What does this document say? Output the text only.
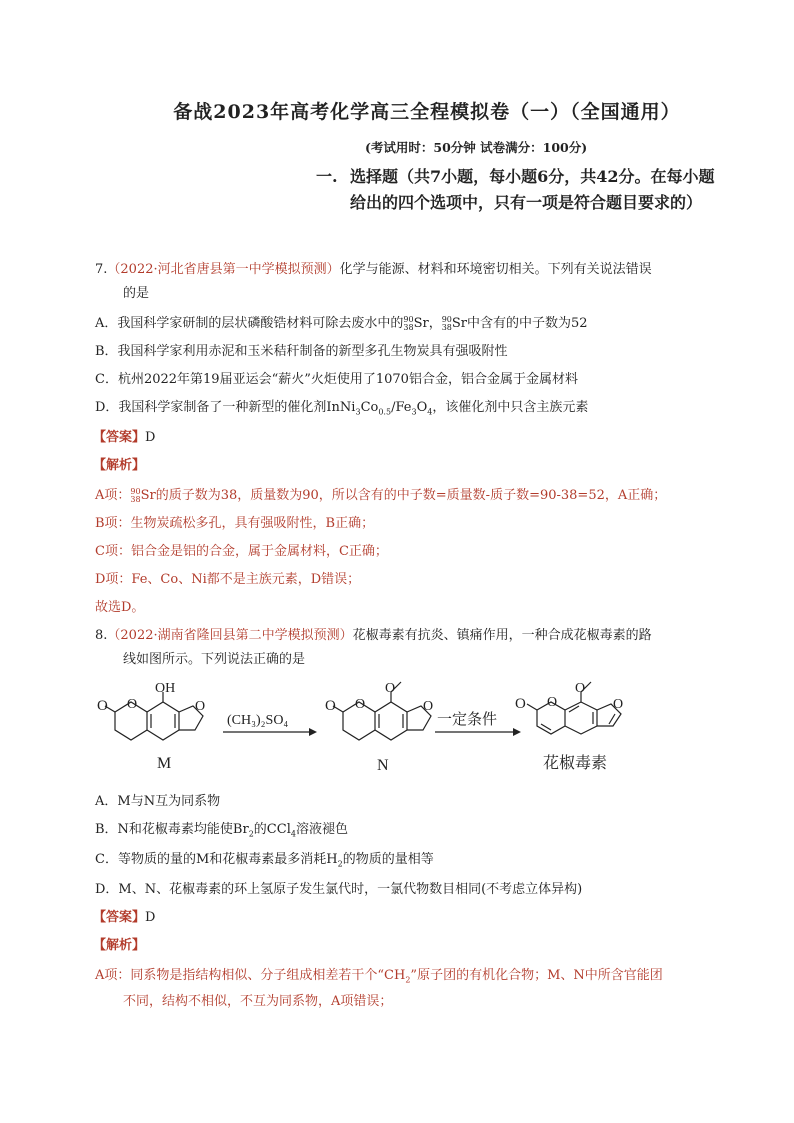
备战2023年高考化学高三全程模拟卷（一）（全国通用）
(考试用时：50分钟 试卷满分：100分)
一. 选择题（共7小题，每小题6分，共42分。在每小题给出的四个选项中，只有一项是符合题目要求的）
7.（2022·河北省唐县第一中学模拟预测）化学与能源、材料和环境密切相关。下列有关说法错误
的是
A．我国科学家研制的层状磷酸锆材料可除去废水中的90
38Sr，90
38Sr中含有的中子数为52
B．我国科学家利用赤泥和玉米秸秆制备的新型多孔生物炭具有强吸附性
C．杭州2022年第19届亚运会“薪火”火炬使用了1070铝合金，铝合金属于金属材料
D．我国科学家制备了一种新型的催化剂$InNi_3Co_{0.5}/Fe_3O_4$，该催化剂中只含主族元素
【答案】D
【解析】
A项：90
38Sr的质子数为38，质量数为90，所以含有的中子数=质量数-质子数=90-38=52，A正确；
B项：生物炭疏松多孔，具有强吸附性，B正确；
C项：铝合金是铝的合金，属于金属材料，C正确；
D项：Fe、Co、Ni都不是主族元素，D错误；
故选D。
8.（2022·湖南省隆回县第二中学模拟预测）花椒毒素有抗炎、镇痛作用，一种合成花椒毒素的路
线如图所示。下列说法正确的是
O O
OH
O
M
(CH₃)₂SO₄
O O
O
O
N
一定条件
O O
O
O
花椒毒素
A．M与N互为同系物
B．N和花椒毒素均能使$Br_2$的CCl$_4$溶液褪色
C．等物质的量的M和花椒毒素最多消耗$H_2$的物质的量相等
D．M、N、花椒毒素的环上氢原子发生氯代时，一氯代物数目相同(不考虑立体异构)
【答案】D
【解析】
A项：同系物是指结构相似、分子组成相差若干个“$CH_2$”原子团的有机化合物；M、N中所含官能团
不同，结构不相似，不互为同系物，A项错误；
